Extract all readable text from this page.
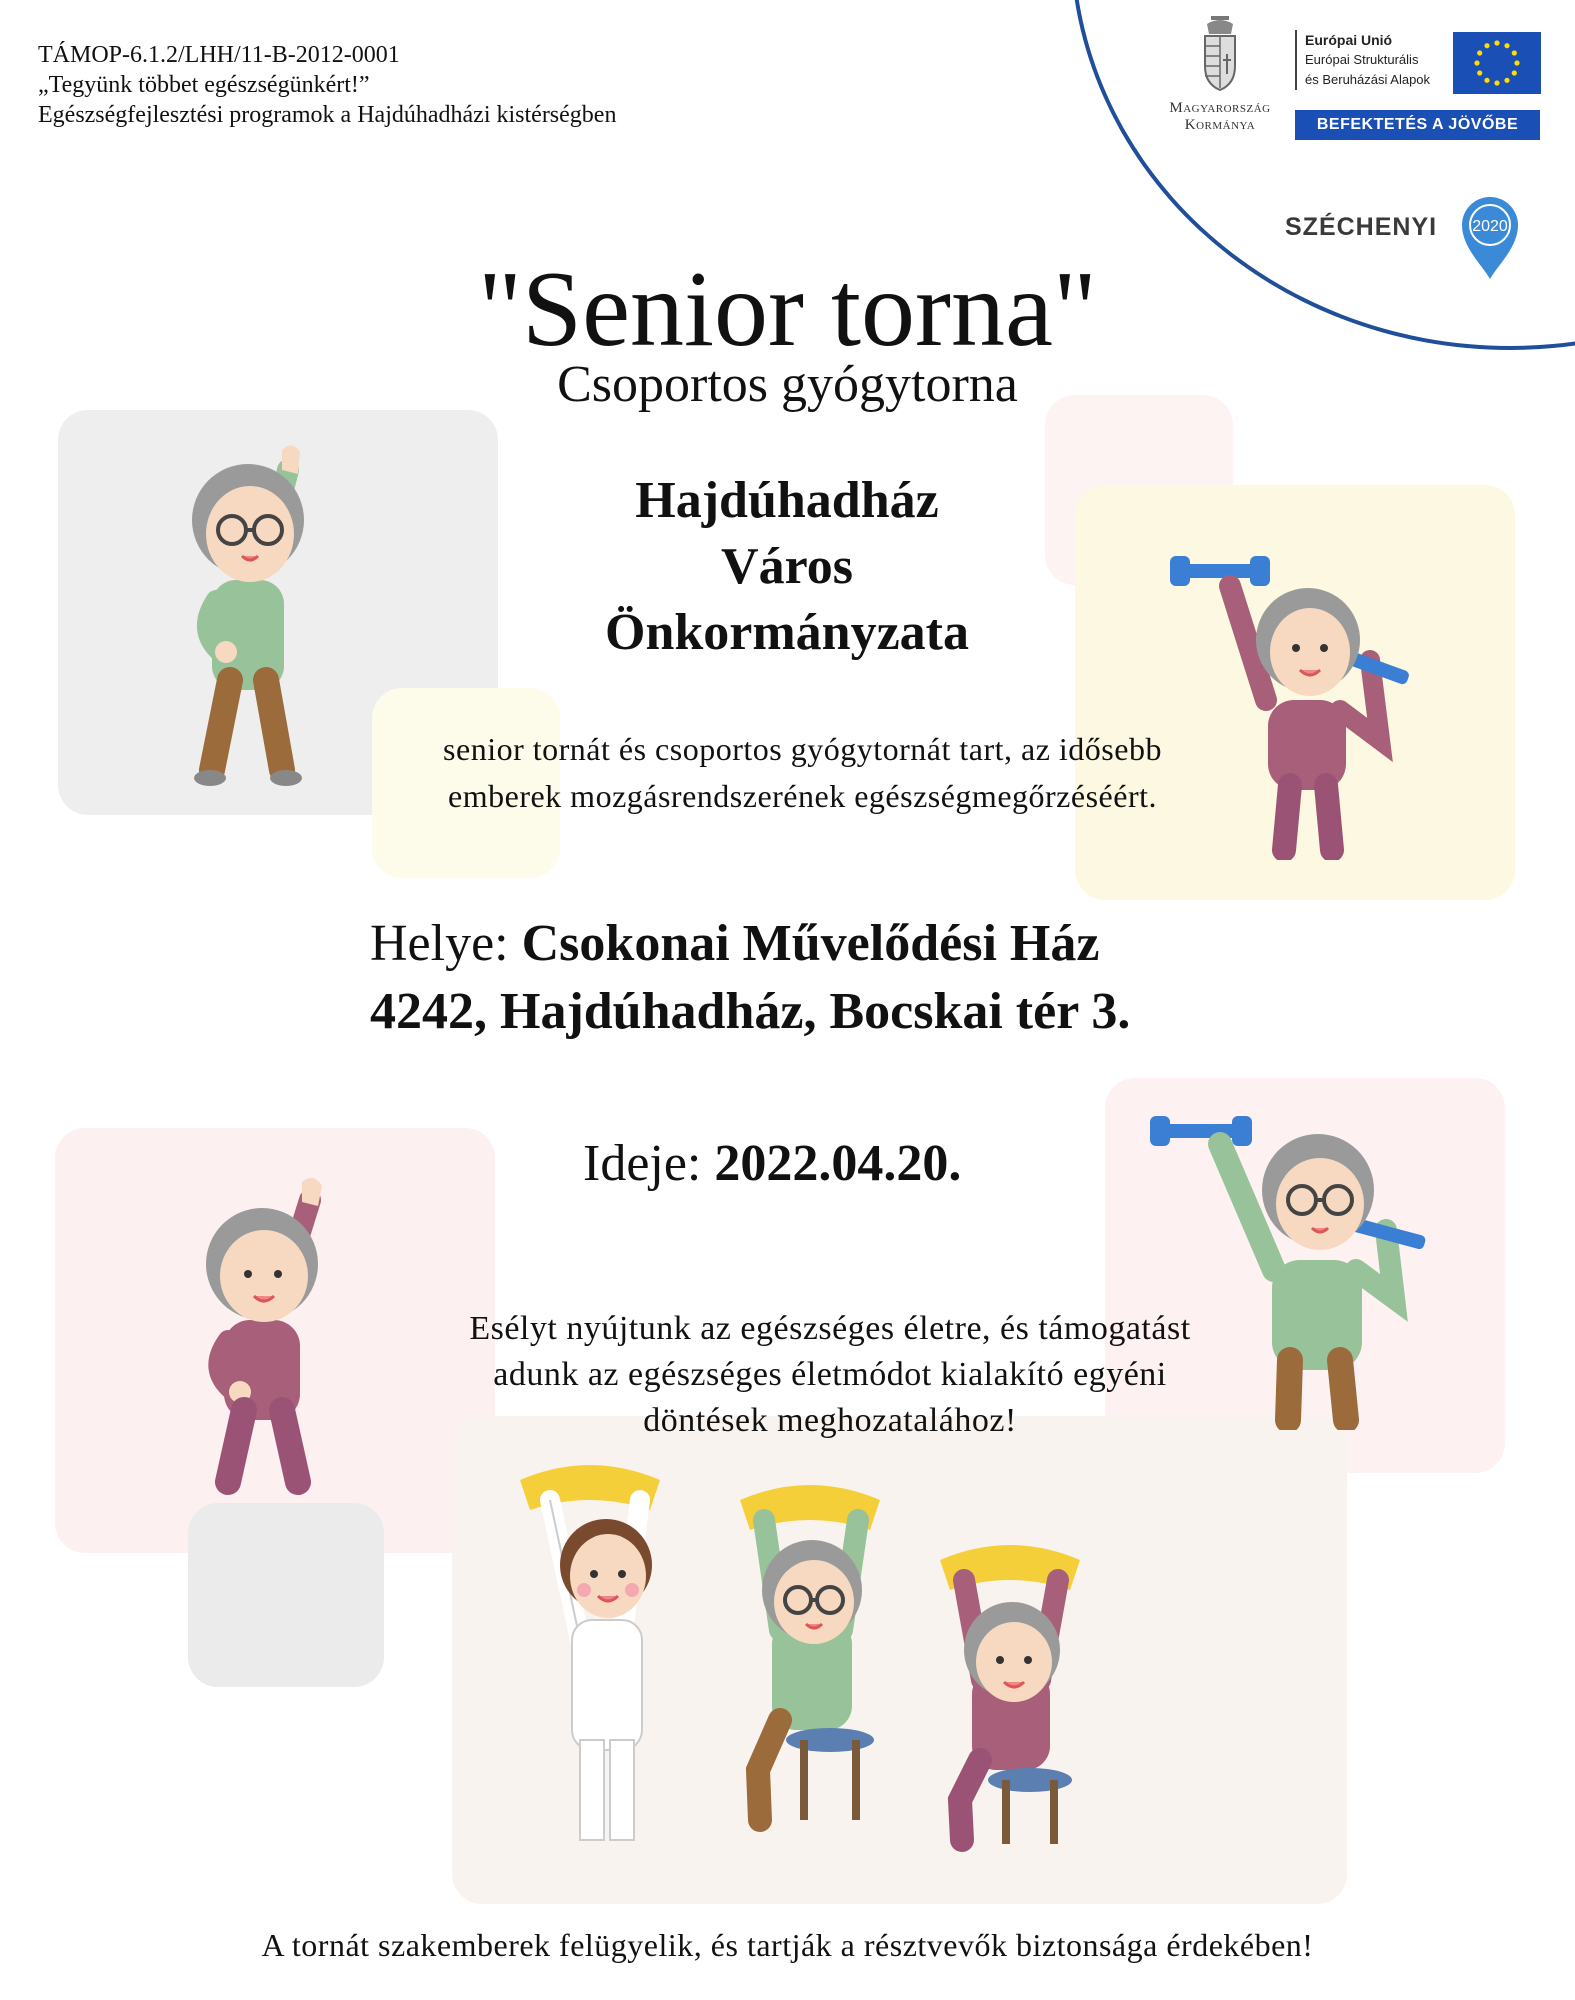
TÁMOP-6.1.2/LHH/11-B-2012-0001
„Tegyünk többet egészségünkért!”
Egészségfejlesztési programok a Hajdúhadházi kistérségben	Magyarország
Kormánya
Európai Unió
Európai Strukturális
és Beruházási Alapok
BEFEKTETÉS A JÖVŐBE
SZÉCHENYI 2020
"Senior torna"
Csoportos gyógytorna
Hajdúhadház
Város
Önkormányzata
senior tornát és csoportos gyógytornát tart, az idősebb
emberek mozgásrendszerének egészségmegőrzéséért.
Helye: Csokonai Művelődési Ház
4242, Hajdúhadház, Bocskai tér 3.
Ideje: 2022.04.20.
Esélyt nyújtunk az egészséges életre, és támogatást
adunk az egészséges életmódot kialakító egyéni
döntések meghozatalához!
A tornát szakemberek felügyelik, és tartják a résztvevők biztonsága érdekében!
